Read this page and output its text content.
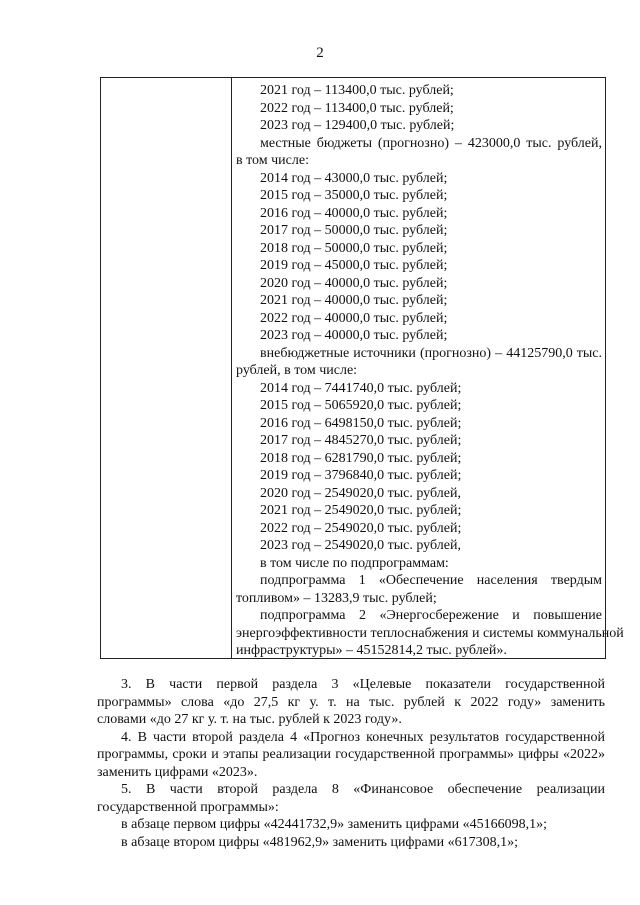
2
2021 год – 113400,0 тыс. рублей;
2022 год – 113400,0 тыс. рублей;
2023 год – 129400,0 тыс. рублей;
местные бюджеты (прогнозно) – 423000,0 тыс. рублей,
в том числе:
2014 год – 43000,0 тыс. рублей;
2015 год – 35000,0 тыс. рублей;
2016 год – 40000,0 тыс. рублей;
2017 год – 50000,0 тыс. рублей;
2018 год – 50000,0 тыс. рублей;
2019 год – 45000,0 тыс. рублей;
2020 год – 40000,0 тыс. рублей;
2021 год – 40000,0 тыс. рублей;
2022 год – 40000,0 тыс. рублей;
2023 год – 40000,0 тыс. рублей;
внебюджетные источники (прогнозно) – 44125790,0 тыс.
рублей, в том числе:
2014 год – 7441740,0 тыс. рублей;
2015 год – 5065920,0 тыс. рублей;
2016 год – 6498150,0 тыс. рублей;
2017 год – 4845270,0 тыс. рублей;
2018 год – 6281790,0 тыс. рублей;
2019 год – 3796840,0 тыс. рублей;
2020 год – 2549020,0 тыс. рублей,
2021 год – 2549020,0 тыс. рублей;
2022 год – 2549020,0 тыс. рублей;
2023 год – 2549020,0 тыс. рублей,
в том числе по подпрограммам:
подпрограмма 1 «Обеспечение населения твердым
топливом» – 13283,9 тыс. рублей;
подпрограмма 2 «Энергосбережение и повышение
энергоэффективности теплоснабжения и системы коммунальной
инфраструктуры» – 45152814,2 тыс. рублей».
3. В части первой раздела 3 «Целевые показатели государственной
программы» слова «до 27,5 кг у. т. на тыс. рублей к 2022 году» заменить
словами «до 27 кг у. т. на тыс. рублей к 2023 году».
4. В части второй раздела 4 «Прогноз конечных результатов государственной
программы, сроки и этапы реализации государственной программы» цифры «2022»
заменить цифрами «2023».
5. В части второй раздела 8 «Финансовое обеспечение реализации
государственной программы»:
в абзаце первом цифры «42441732,9» заменить цифрами «45166098,1»;
в абзаце втором цифры «481962,9» заменить цифрами «617308,1»;
